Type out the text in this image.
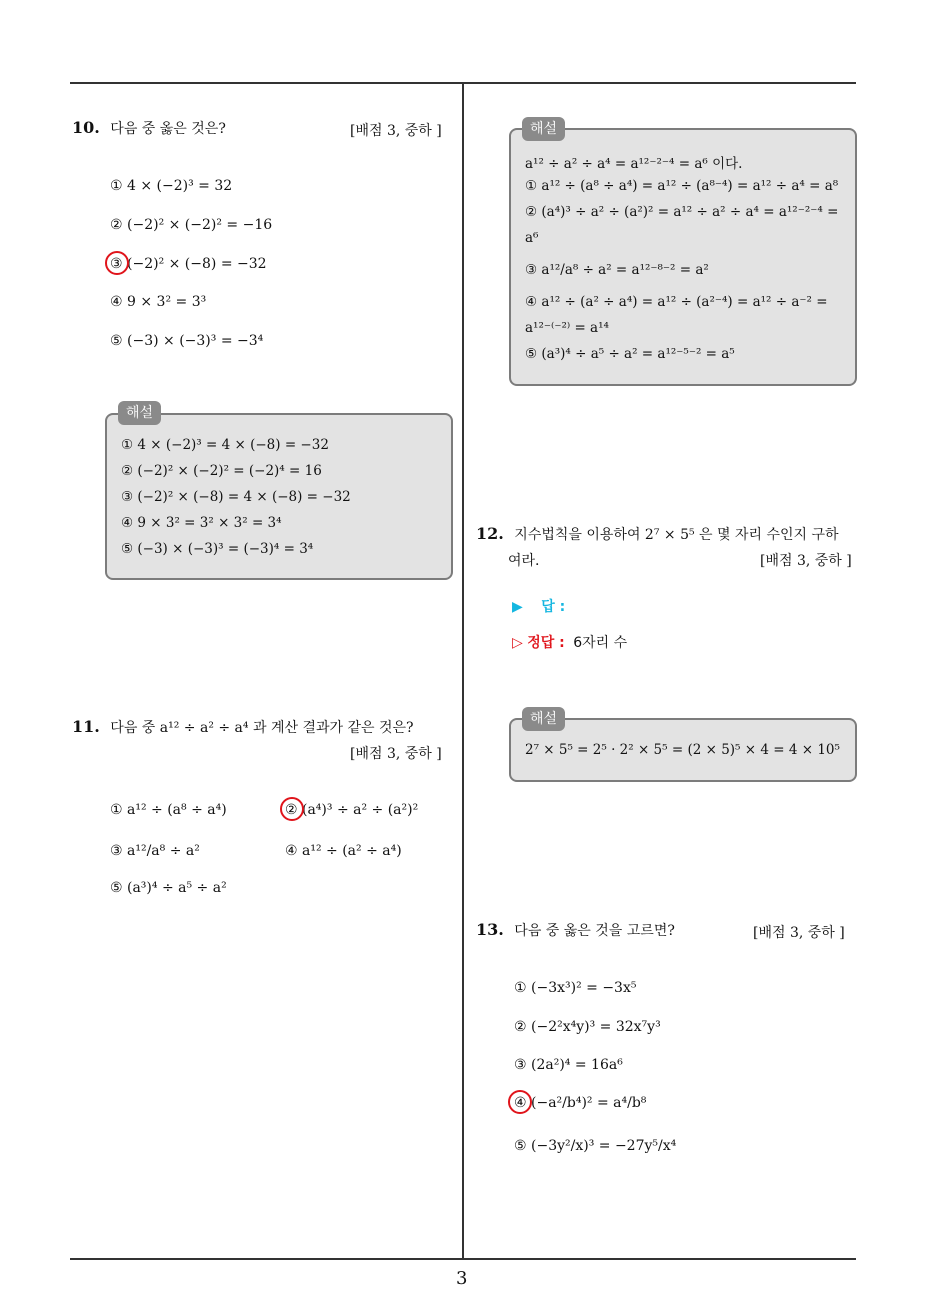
3
10. 다음 중 옳은 것은?	[배점 3, 중하 ]
① 4 × (−2)³ = 32
② (−2)² × (−2)² = −16
③ (−2)² × (−8) = −32
④ 9 × 3² = 3³
⑤ (−3) × (−3)³ = −3⁴
① 4 × (−2)³ = 4 × (−8) = −32
② (−2)² × (−2)² = (−2)⁴ = 16
③ (−2)² × (−8) = 4 × (−8) = −32
④ 9 × 3² = 3² × 3² = 3⁴
⑤ (−3) × (−3)³ = (−3)⁴ = 3⁴
해설
11. 다음 중 a¹² ÷ a² ÷ a⁴ 과 계산 결과가 같은 것은?
[배점 3, 중하 ]
① a¹² ÷ (a⁸ ÷ a⁴)	② (a⁴)³ ÷ a² ÷ (a²)²
③ a¹²/a⁸ ÷ a²	④ a¹² ÷ (a² ÷ a⁴)
⑤ (a³)⁴ ÷ a⁵ ÷ a²
a¹² ÷ a² ÷ a⁴ = a¹²⁻²⁻⁴ = a⁶ 이다.
① a¹² ÷ (a⁸ ÷ a⁴) = a¹² ÷ (a⁸⁻⁴) = a¹² ÷ a⁴ = a⁸
② (a⁴)³ ÷ a² ÷ (a²)² = a¹² ÷ a² ÷ a⁴ = a¹²⁻²⁻⁴ =
a⁶
③ a¹²/a⁸ ÷ a² = a¹²⁻⁸⁻² = a²
④ a¹² ÷ (a² ÷ a⁴) = a¹² ÷ (a²⁻⁴) = a¹² ÷ a⁻² =
a¹²⁻⁽⁻²⁾ = a¹⁴
⑤ (a³)⁴ ÷ a⁵ ÷ a² = a¹²⁻⁵⁻² = a⁵
해설
12. 지수법칙을 이용하여 2⁷ × 5⁵ 은 몇 자리 수인지 구하
여라.	[배점 3, 중하 ]
▶ 답 :
▷ 정답 : 6자리 수
2⁷ × 5⁵ = 2⁵ · 2² × 5⁵ = (2 × 5)⁵ × 4 = 4 × 10⁵
해설
13. 다음 중 옳은 것을 고르면?	[배점 3, 중하 ]
① (−3x³)² = −3x⁵
② (−2²x⁴y)³ = 32x⁷y³
③ (2a²)⁴ = 16a⁶
④ (−a²/b⁴)² = a⁴/b⁸
⑤ (−3y²/x)³ = −27y⁵/x⁴
